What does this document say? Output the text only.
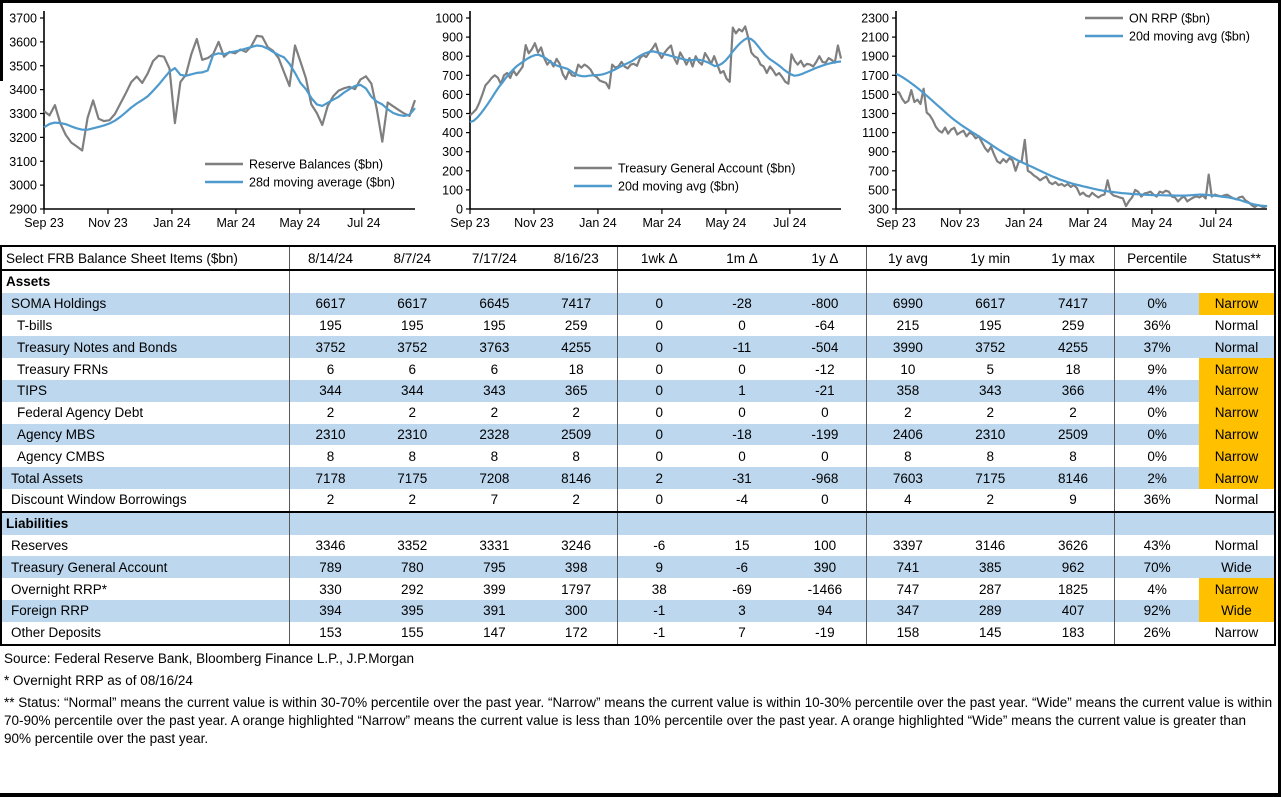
2900
3000
3100
3200
3300
3400
3500
3600
3700
Sep 23 Nov 23 Jan 24 Mar 24 May 24 Jul 24
Reserve Balances ($bn)
28d moving average ($bn)
0
100
200
300
400
500
600
700
800
900
1000
Sep 23 Nov 23 Jan 24 Mar 24 May 24 Jul 24
Treasury General Account ($bn)
20d moving avg ($bn)
300
500
700
900
1100
1300
1500
1700
1900
2100
2300
Sep 23 Nov 23 Jan 24 Mar 24 May 24 Jul 24
ON RRP ($bn)
20d moving avg ($bn)
Select FRB Balance Sheet Items ($bn)	8/14/24	8/7/24	7/17/24	8/16/23	1wk Δ	1m Δ	1y Δ	1y avg	1y min	1y max	Percentile	Status**
Assets												
SOMA Holdings	6617	6617	6645	7417	0	-28	-800	6990	6617	7417	0%	Narrow
T-bills	195	195	195	259	0	0	-64	215	195	259	36%	Normal
Treasury Notes and Bonds	3752	3752	3763	4255	0	-11	-504	3990	3752	4255	37%	Normal
Treasury FRNs	6	6	6	18	0	0	-12	10	5	18	9%	Narrow
TIPS	344	344	343	365	0	1	-21	358	343	366	4%	Narrow
Federal Agency Debt	2	2	2	2	0	0	0	2	2	2	0%	Narrow
Agency MBS	2310	2310	2328	2509	0	-18	-199	2406	2310	2509	0%	Narrow
Agency CMBS	8	8	8	8	0	0	0	8	8	8	0%	Narrow
Total Assets	7178	7175	7208	8146	2	-31	-968	7603	7175	8146	2%	Narrow
Discount Window Borrowings	2	2	7	2	0	-4	0	4	2	9	36%	Normal
Liabilities												
Reserves	3346	3352	3331	3246	-6	15	100	3397	3146	3626	43%	Normal
Treasury General Account	789	780	795	398	9	-6	390	741	385	962	70%	Wide
Overnight RRP*	330	292	399	1797	38	-69	-1466	747	287	1825	4%	Narrow
Foreign RRP	394	395	391	300	-1	3	94	347	289	407	92%	Wide
Other Deposits	153	155	147	172	-1	7	-19	158	145	183	26%	Narrow
Source: Federal Reserve Bank, Bloomberg Finance L.P., J.P.Morgan
* Overnight RRP as of 08/16/24
** Status: “Normal” means the current value is within 30-70% percentile over the past year. “Narrow” means the current value is within 10-30% percentile over the past year. “Wide” means the current value is within 70-90% percentile over the past year. A orange highlighted “Narrow” means the current value is less than 10% percentile over the past year. A orange highlighted “Wide” means the current value is greater than 90% percentile over the past year.
